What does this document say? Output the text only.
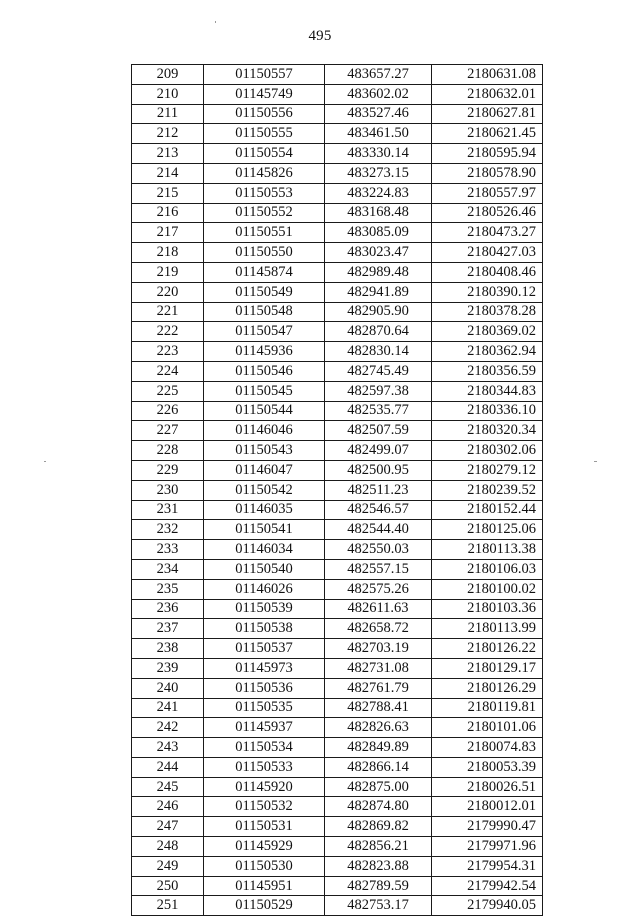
495
209	01150557	483657.27	2180631.08
210	01145749	483602.02	2180632.01
211	01150556	483527.46	2180627.81
212	01150555	483461.50	2180621.45
213	01150554	483330.14	2180595.94
214	01145826	483273.15	2180578.90
215	01150553	483224.83	2180557.97
216	01150552	483168.48	2180526.46
217	01150551	483085.09	2180473.27
218	01150550	483023.47	2180427.03
219	01145874	482989.48	2180408.46
220	01150549	482941.89	2180390.12
221	01150548	482905.90	2180378.28
222	01150547	482870.64	2180369.02
223	01145936	482830.14	2180362.94
224	01150546	482745.49	2180356.59
225	01150545	482597.38	2180344.83
226	01150544	482535.77	2180336.10
227	01146046	482507.59	2180320.34
228	01150543	482499.07	2180302.06
229	01146047	482500.95	2180279.12
230	01150542	482511.23	2180239.52
231	01146035	482546.57	2180152.44
232	01150541	482544.40	2180125.06
233	01146034	482550.03	2180113.38
234	01150540	482557.15	2180106.03
235	01146026	482575.26	2180100.02
236	01150539	482611.63	2180103.36
237	01150538	482658.72	2180113.99
238	01150537	482703.19	2180126.22
239	01145973	482731.08	2180129.17
240	01150536	482761.79	2180126.29
241	01150535	482788.41	2180119.81
242	01145937	482826.63	2180101.06
243	01150534	482849.89	2180074.83
244	01150533	482866.14	2180053.39
245	01145920	482875.00	2180026.51
246	01150532	482874.80	2180012.01
247	01150531	482869.82	2179990.47
248	01145929	482856.21	2179971.96
249	01150530	482823.88	2179954.31
250	01145951	482789.59	2179942.54
251	01150529	482753.17	2179940.05
